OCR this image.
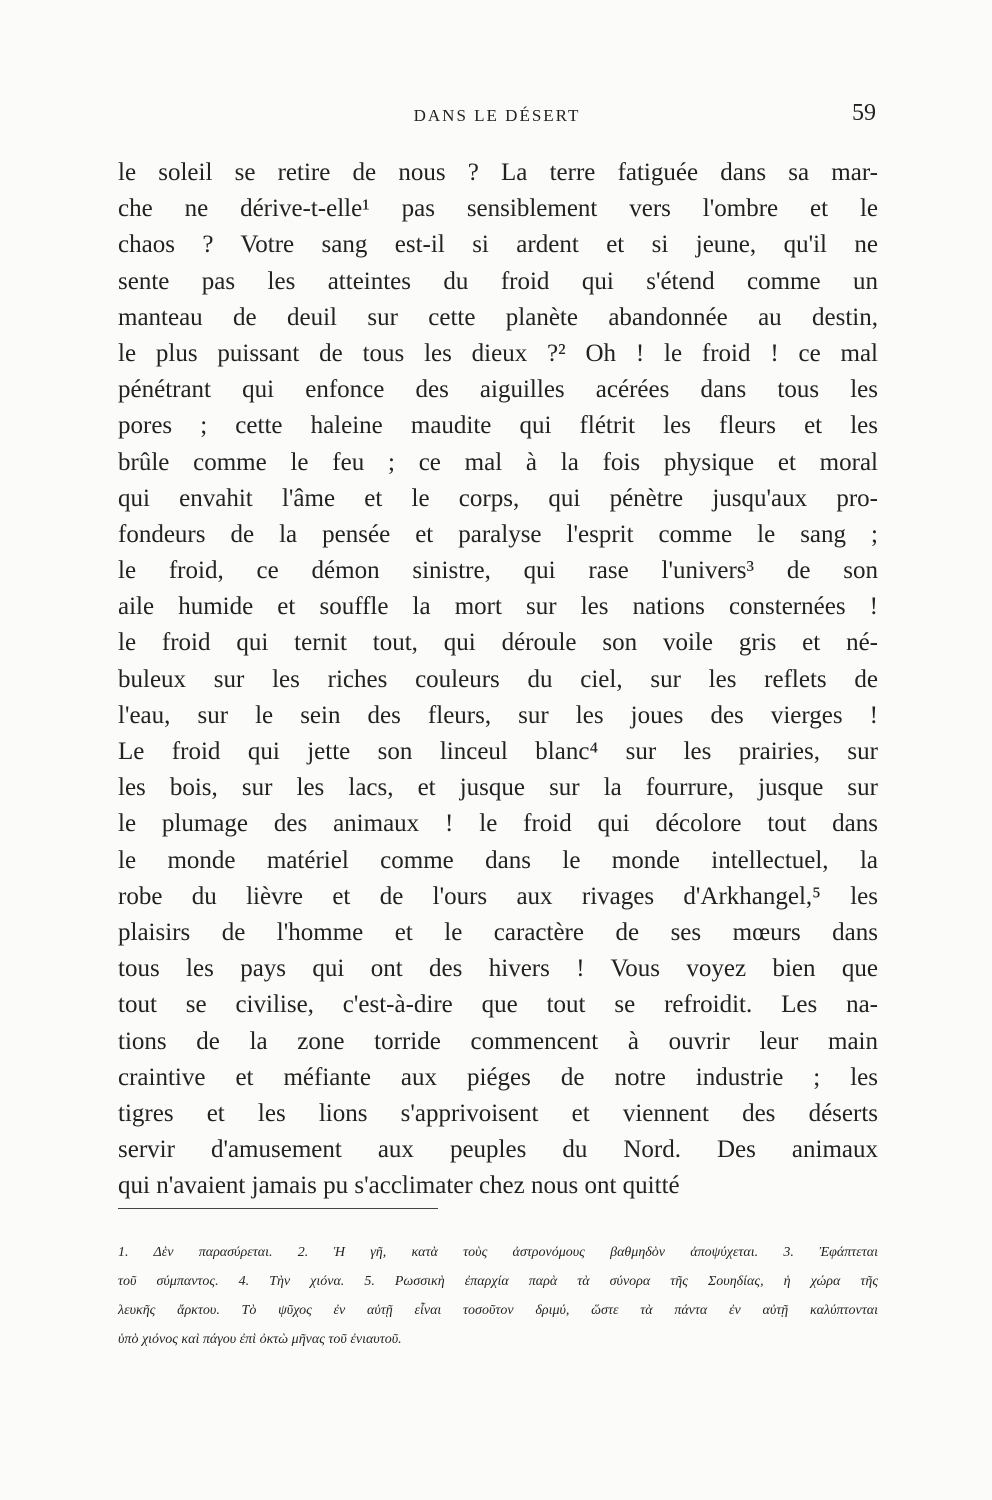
DANS LE DÉSERT	59
le soleil se retire de nous ? La terre fatiguée dans sa mar-
che ne dérive-t-elle¹ pas sensiblement vers l'ombre et le
chaos ? Votre sang est-il si ardent et si jeune, qu'il ne
sente pas les atteintes du froid qui s'étend comme un
manteau de deuil sur cette planète abandonnée au destin,
le plus puissant de tous les dieux ?² Oh ! le froid ! ce mal
pénétrant qui enfonce des aiguilles acérées dans tous les
pores ; cette haleine maudite qui flétrit les fleurs et les
brûle comme le feu ; ce mal à la fois physique et moral
qui envahit l'âme et le corps, qui pénètre jusqu'aux pro-
fondeurs de la pensée et paralyse l'esprit comme le sang ;
le froid, ce démon sinistre, qui rase l'univers³ de son
aile humide et souffle la mort sur les nations consternées !
le froid qui ternit tout, qui déroule son voile gris et né-
buleux sur les riches couleurs du ciel, sur les reflets de
l'eau, sur le sein des fleurs, sur les joues des vierges !
Le froid qui jette son linceul blanc⁴ sur les prairies, sur
les bois, sur les lacs, et jusque sur la fourrure, jusque sur
le plumage des animaux ! le froid qui décolore tout dans
le monde matériel comme dans le monde intellectuel, la
robe du lièvre et de l'ours aux rivages d'Arkhangel,⁵ les
plaisirs de l'homme et le caractère de ses mœurs dans
tous les pays qui ont des hivers ! Vous voyez bien que
tout se civilise, c'est-à-dire que tout se refroidit. Les na-
tions de la zone torride commencent à ouvrir leur main
craintive et méfiante aux piéges de notre industrie ; les
tigres et les lions s'apprivoisent et viennent des déserts
servir d'amusement aux peuples du Nord. Des animaux
qui n'avaient jamais pu s'acclimater chez nous ont quitté
1. Δὲν παρασύρεται. 2. Ἡ γῆ, κατὰ τοὺς ἀστρονόμους βαθμηδὸν ἀποψύχεται. 3. Ἐφάπτεται
τοῦ σύμπαντος. 4. Τὴν χιόνα. 5. Ρωσσικὴ ἐπαρχία παρὰ τὰ σύνορα τῆς Σουηδίας, ἡ χώρα τῆς
λευκῆς ἄρκτου. Τὸ ψῦχος ἐν αὐτῇ εἶναι τοσοῦτον δριμύ, ὥστε τὰ πάντα ἐν αὐτῇ καλύπτονται
ὑπὸ χιόνος καὶ πάγου ἐπὶ ὀκτὼ μῆνας τοῦ ἐνιαυτοῦ.
